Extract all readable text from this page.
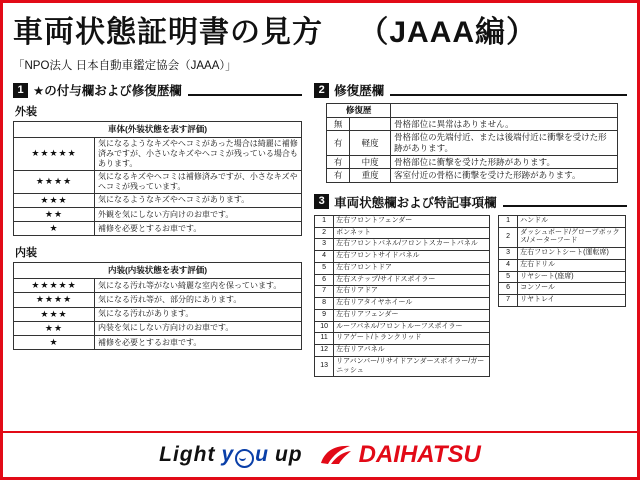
車両状態証明書の見方 （JAAA編）
「NPO法人 日本自動車鑑定協会（JAAA）」
1 ★の付与欄および修復歴欄
外装
車体(外装状態を表す評価)	
★★★★★	気になるようなキズやヘコミがあった場合は綺麗に補修済みですが、小さいなキズやヘコミが残っている場合もあります。
★★★★	気になるキズやヘコミは補修済みですが、小さなキズやヘコミが残っています。
★★★	気になるようなキズやヘコミがあります。
★★	外観を気にしない方向けのお車です。
★	補修を必要とするお車です。
内装
内装(内装状態を表す評価)	
★★★★★	気になる汚れ等がない綺麗な室内を保っています。
★★★★	気になる汚れ等が、部分的にあります。
★★★	気になる汚れがあります。
★★	内装を気にしない方向けのお車です。
★	補修を必要とするお車です。
2 修復歴欄
修復歴		
無		骨格部位に異常はありません。
有	軽度	骨格部位の先端付近、または後端付近に衝撃を受けた形跡があります。
有	中度	骨格部位に衝撃を受けた形跡があります。
有	重度	客室付近の骨格に衝撃を受けた形跡があります。
3 車両状態欄および特記事項欄
1	左右フロントフェンダー
2	ボンネット
3	左右フロントパネル/フロントスカートパネル
4	左右フロントサイドパネル
5	左右フロントドア
6	左右ステップ/サイドスポイラー
7	左右リアドア
8	左右リアタイヤホイール
9	左右リアフェンダー
10	ルーフパネル/フロントルーフスポイラー
11	リアゲート/トランクリッド
12	左右リアパネル
13	リアバンパー/リサイドアンダースポイラー/ガーニッシュ
1	ハンドル
2	ダッシュボード/グローブボックス/メーターフード
3	左右フロントシート(運転席)
4	左右ドリル
5	リヤシート(座席)
6	コンソール
7	リヤトレイ
Light y u up DAIHATSU
